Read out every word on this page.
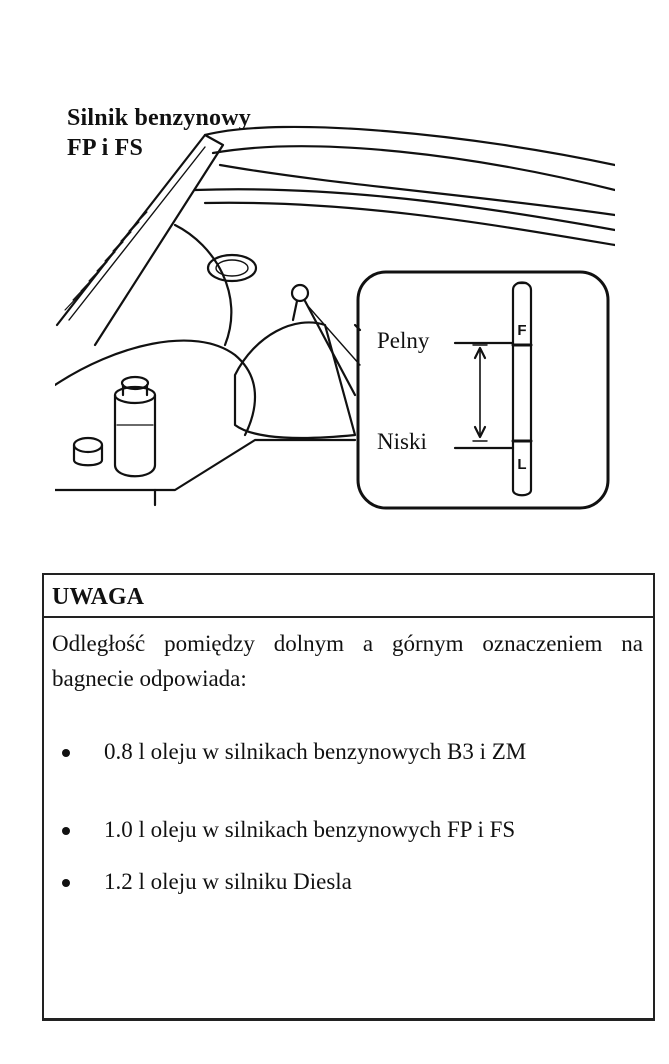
F
L
Silnik benzynowy
FP i FS
Pelny
Niski
UWAGA
Odległość pomiędzy dolnym a górnym oznaczeniem na bagnecie odpowiada:
0.8 l oleju w silnikach benzynowych B3 i ZM
1.0 l oleju w silnikach benzynowych FP i FS
1.2 l oleju w silniku Diesla
